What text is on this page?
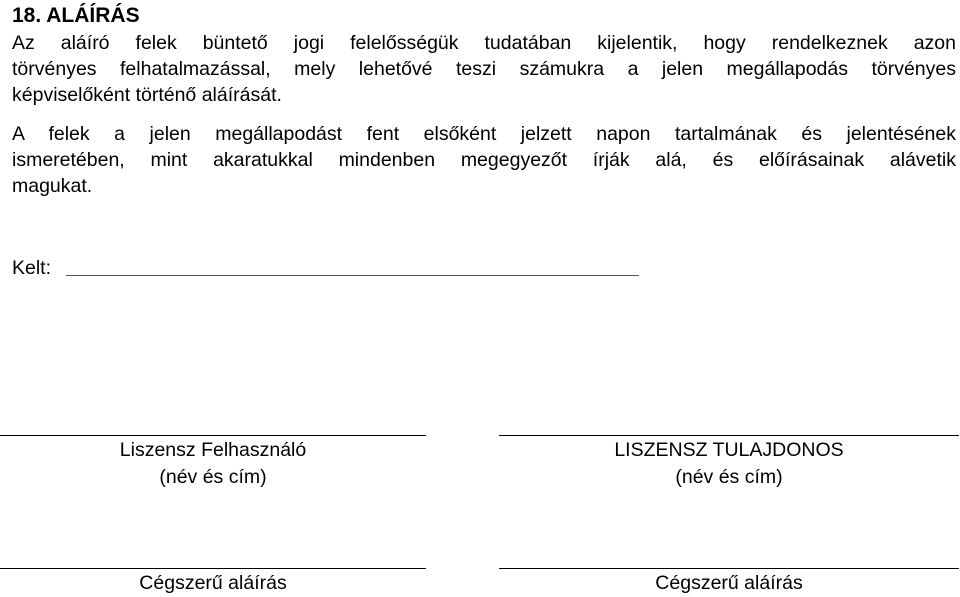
18. ALÁÍRÁS
Az aláíró felek büntető jogi felelősségük tudatában kijelentik, hogy rendelkeznek azon
törvényes felhatalmazással, mely lehetővé teszi számukra a jelen megállapodás törvényes
képviselőként történő aláírását.
A felek a jelen megállapodást fent elsőként jelzett napon tartalmának és jelentésének
ismeretében, mint akaratukkal mindenben megegyezőt írják alá, és előírásainak alávetik
magukat.
Kelt:
Liszensz Felhasználó
(név és cím)
LISZENSZ TULAJDONOS
(név és cím)
Cégszerű aláírás	Cégszerű aláírás
